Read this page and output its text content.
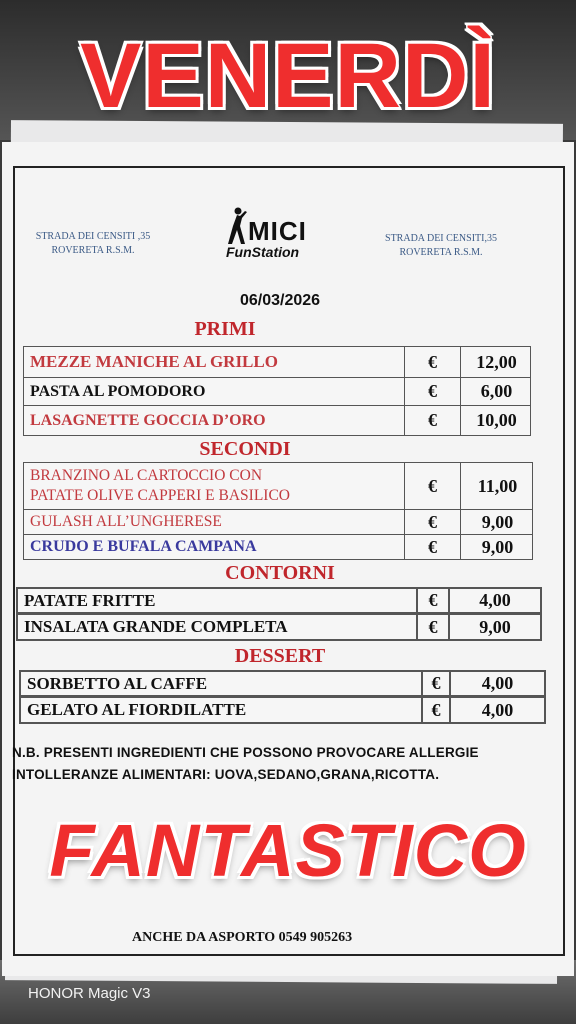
STRADA DEI CENSITI ,35
ROVERETA R.S.M.
STRADA DEI CENSITI,35
ROVERETA R.S.M.
MICI
FunStation
06/03/2026
PRIMI
MEZZE MANICHE AL GRILLO	€	12,00
PASTA AL POMODORO	€	6,00
LASAGNETTE GOCCIA D’ORO	€	10,00
SECONDI
BRANZINO AL CARTOCCIO CON
PATATE OLIVE CAPPERI E BASILICO	€	11,00
GULASH ALL’UNGHERESE	€	9,00
CRUDO E BUFALA CAMPANA	€	9,00
CONTORNI
PATATE FRITTE	€	4,00
INSALATA GRANDE COMPLETA	€	9,00
DESSERT
SORBETTO AL CAFFE	€	4,00
GELATO AL FIORDILATTE	€	4,00
N.B. PRESENTI INGREDIENTI CHE POSSONO PROVOCARE ALLERGIE
INTOLLERANZE ALIMENTARI: UOVA,SEDANO,GRANA,RICOTTA.
VENERDÌ
FANTASTICO
ANCHE DA ASPORTO 0549 905263
HONOR Magic V3
